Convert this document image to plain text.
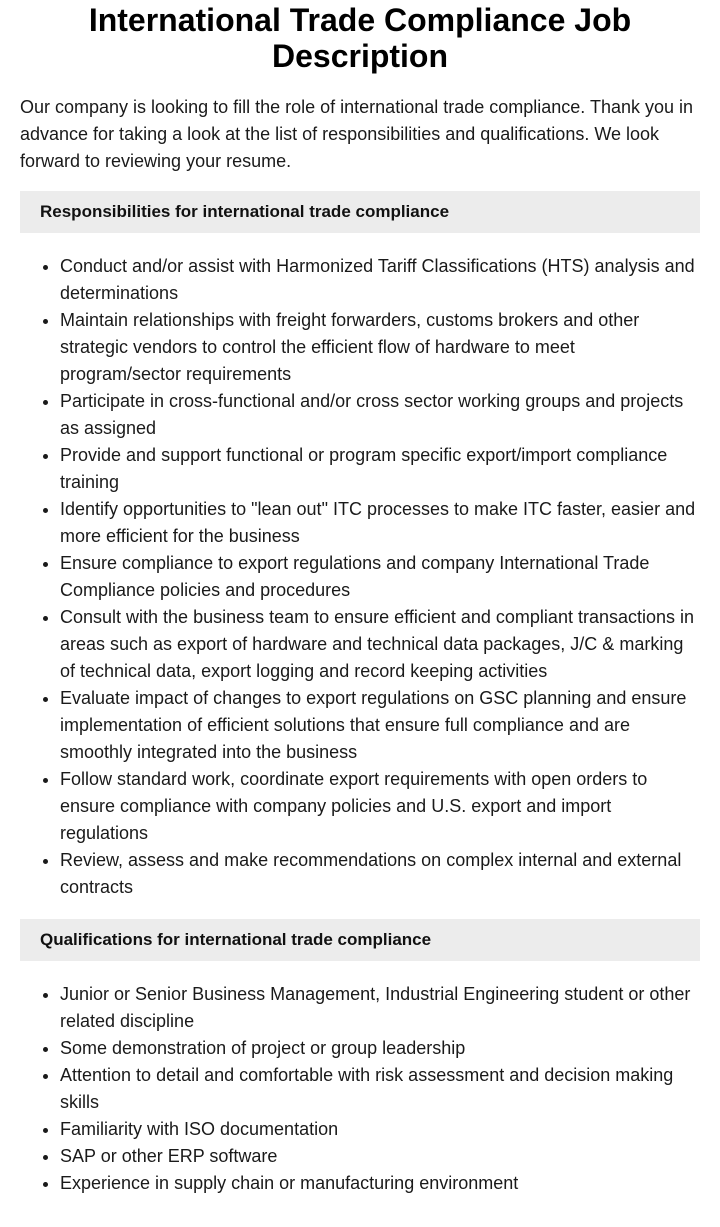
International Trade Compliance Job Description

Our company is looking to fill the role of international trade compliance. Thank you in advance for taking a look at the list of responsibilities and qualifications. We look forward to reviewing your resume.

Responsibilities for international trade compliance
• Conduct and/or assist with Harmonized Tariff Classifications (HTS) analysis and determinations
• Maintain relationships with freight forwarders, customs brokers and other strategic vendors to control the efficient flow of hardware to meet program/sector requirements
• Participate in cross-functional and/or cross sector working groups and projects as assigned
• Provide and support functional or program specific export/import compliance training
• Identify opportunities to "lean out" ITC processes to make ITC faster, easier and more efficient for the business
• Ensure compliance to export regulations and company International Trade Compliance policies and procedures
• Consult with the business team to ensure efficient and compliant transactions in areas such as export of hardware and technical data packages, J/C & marking of technical data, export logging and record keeping activities
• Evaluate impact of changes to export regulations on GSC planning and ensure implementation of efficient solutions that ensure full compliance and are smoothly integrated into the business
• Follow standard work, coordinate export requirements with open orders to ensure compliance with company policies and U.S. export and import regulations
• Review, assess and make recommendations on complex internal and external contracts
Qualifications for international trade compliance
• Junior or Senior Business Management, Industrial Engineering student or other related discipline
• Some demonstration of project or group leadership
• Attention to detail and comfortable with risk assessment and decision making skills
• Familiarity with ISO documentation
• SAP or other ERP software
• Experience in supply chain or manufacturing environment
